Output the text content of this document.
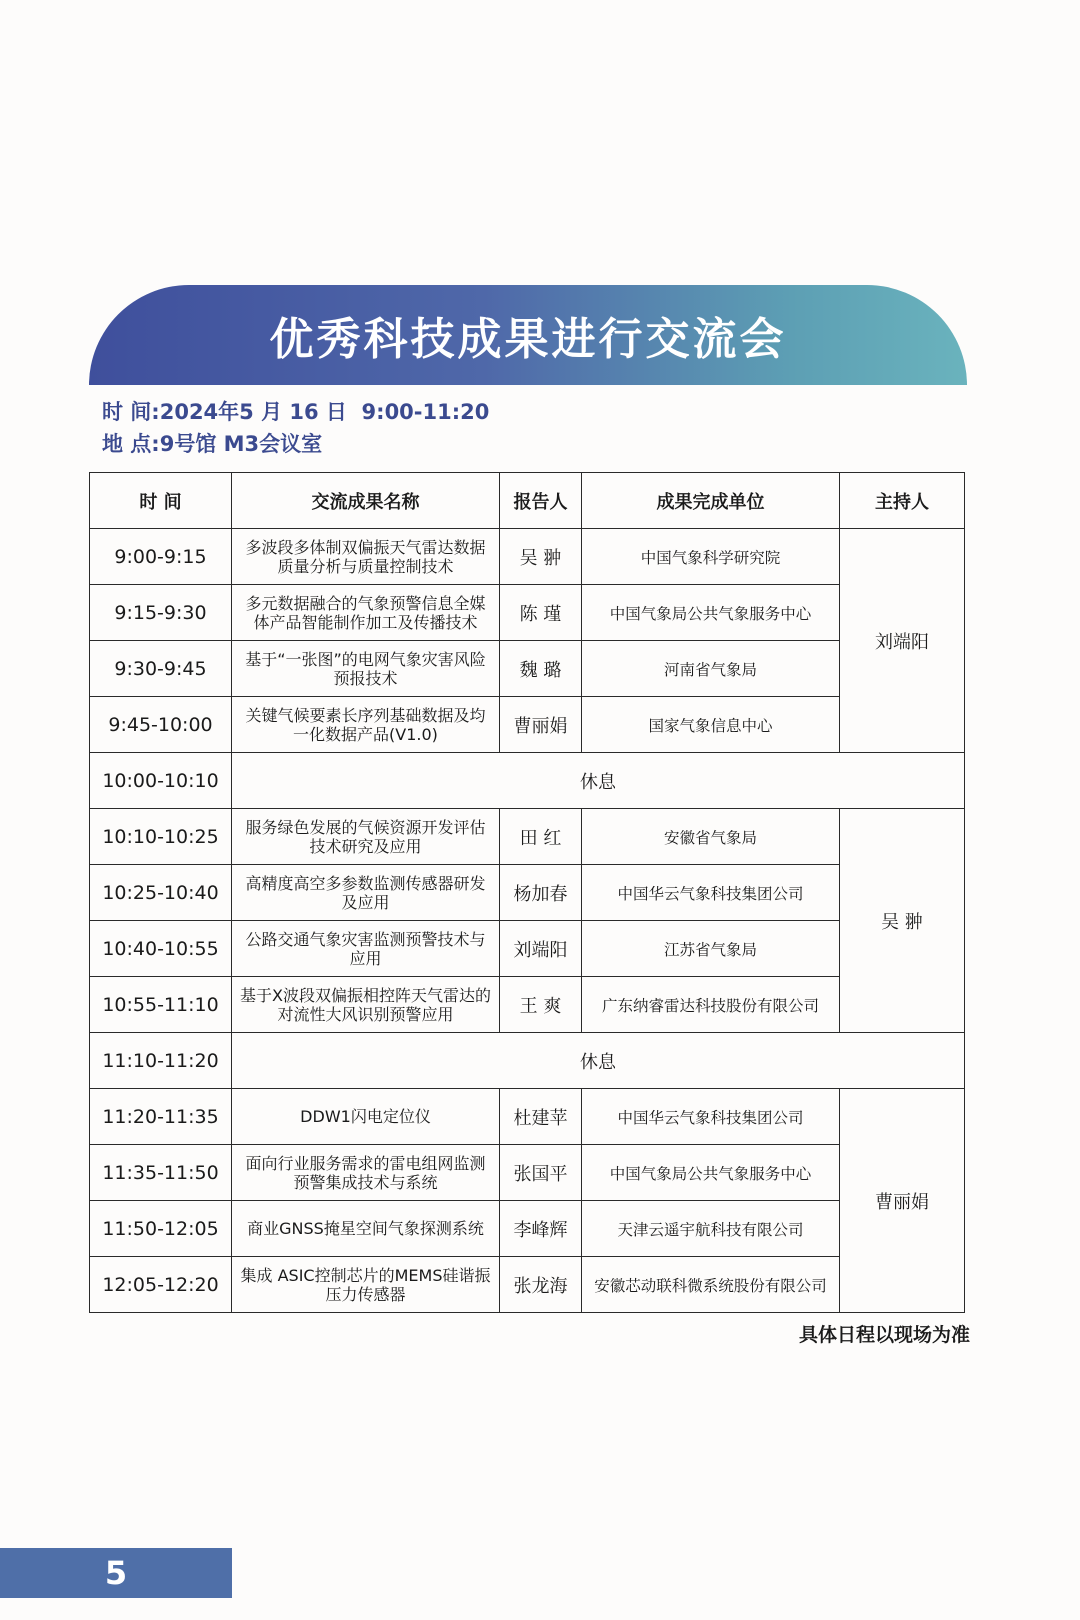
优秀科技成果进行交流会
时 间:2024年5 月 16 日  9:00-11:20
地 点:9号馆 M3会议室
时 间	交流成果名称	报告人	成果完成单位	主持人
9:00-9:15	多波段多体制双偏振天气雷达数据质量分析与质量控制技术	吴 翀	中国气象科学研究院	刘端阳
9:15-9:30	多元数据融合的气象预警信息全媒体产品智能制作加工及传播技术	陈 瑾	中国气象局公共气象服务中心	
9:30-9:45	基于“一张图”的电网气象灾害风险预报技术	魏 璐	河南省气象局	
9:45-10:00	关键气候要素长序列基础数据及均一化数据产品(V1.0)	曹丽娟	国家气象信息中心	
10:00-10:10	休息			
10:10-10:25	服务绿色发展的气候资源开发评估技术研究及应用	田 红	安徽省气象局	吴 翀
10:25-10:40	高精度高空多参数监测传感器研发及应用	杨加春	中国华云气象科技集团公司	
10:40-10:55	公路交通气象灾害监测预警技术与应用	刘端阳	江苏省气象局	
10:55-11:10	基于X波段双偏振相控阵天气雷达的对流性大风识别预警应用	王 爽	广东纳睿雷达科技股份有限公司	
11:10-11:20	休息			
11:20-11:35	DDW1闪电定位仪	杜建苹	中国华云气象科技集团公司	曹丽娟
11:35-11:50	面向行业服务需求的雷电组网监测预警集成技术与系统	张国平	中国气象局公共气象服务中心	
11:50-12:05	商业GNSS掩星空间气象探测系统	李峰辉	天津云遥宇航科技有限公司	
12:05-12:20	集成 ASIC控制芯片的MEMS硅谐振压力传感器	张龙海	安徽芯动联科微系统股份有限公司	
具体日程以现场为准
5
